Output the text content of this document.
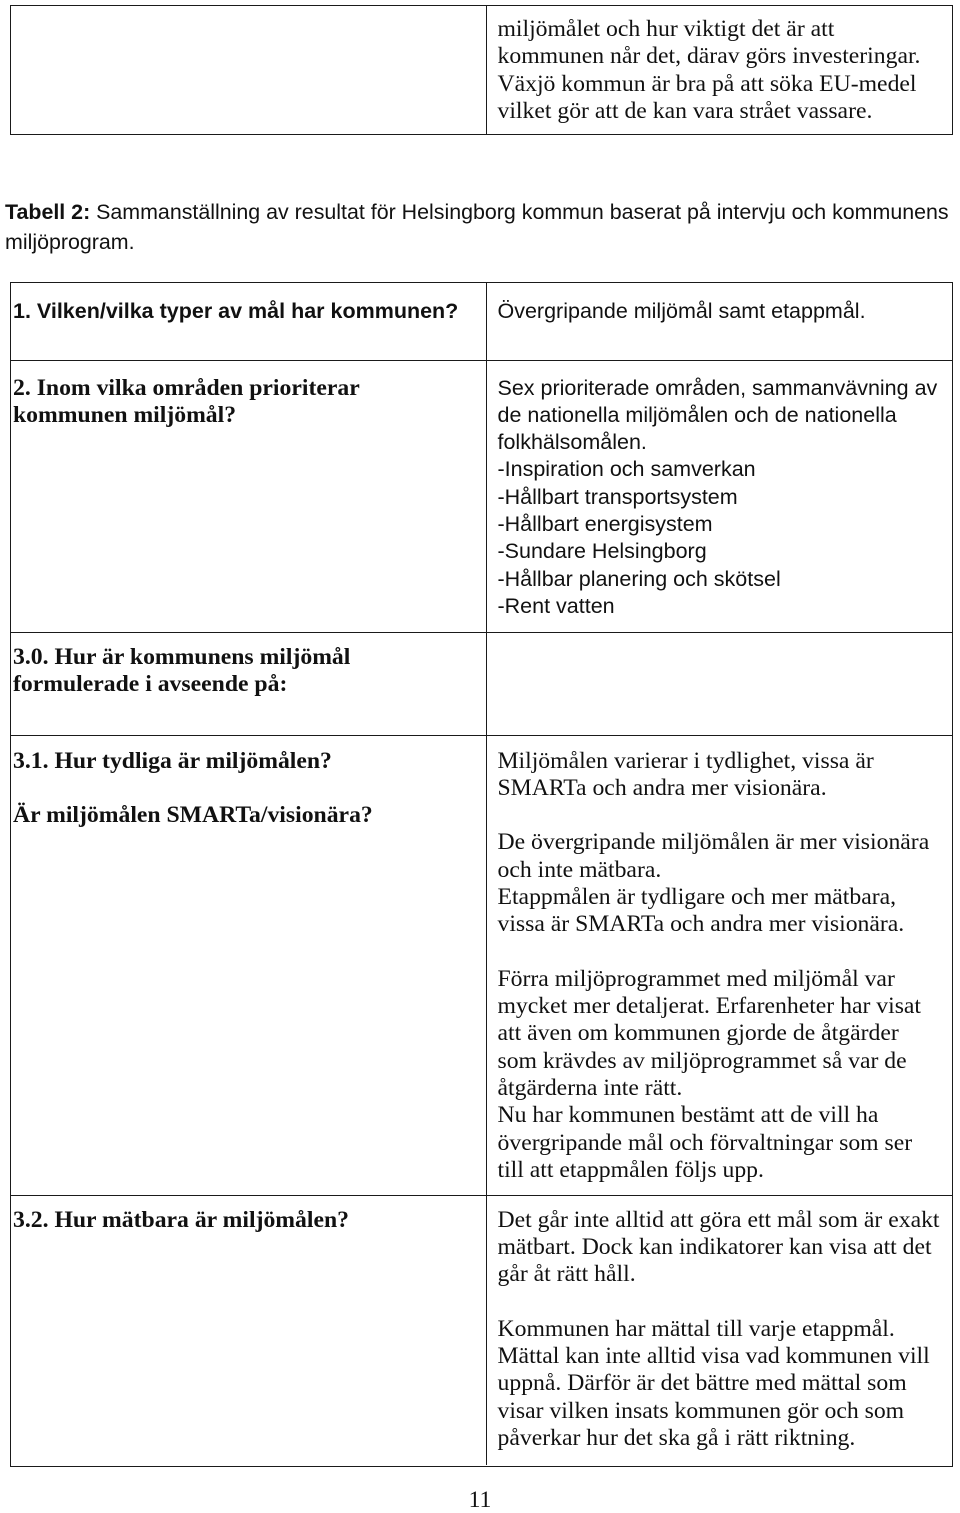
miljömålet och hur viktigt det är att
kommunen når det, därav görs investeringar.
Växjö kommun är bra på att söka EU-medel
vilket gör att de kan vara strået vassare.
Tabell 2: Sammanställning av resultat för Helsingborg kommun baserat på intervju och kommunens
miljöprogram.
1. Vilken/vilka typer av mål har kommunen?	Övergripande miljömål samt etappmål.
2. Inom vilka områden prioriterar
kommunen miljömål?
Sex prioriterade områden, sammanvävning av
de nationella miljömålen och de nationella
folkhälsomålen.
-Inspiration och samverkan
-Hållbart transportsystem
-Hållbart energisystem
-Sundare Helsingborg
-Hållbar planering och skötsel
-Rent vatten
3.0. Hur är kommunens miljömål
formulerade i avseende på:
3.1. Hur tydliga är miljömålen?
Är miljömålen SMARTa/visionära?
Miljömålen varierar i tydlighet, vissa är
SMARTa och andra mer visionära.
De övergripande miljömålen är mer visionära
och inte mätbara.
Etappmålen är tydligare och mer mätbara,
vissa är SMARTa och andra mer visionära.
Förra miljöprogrammet med miljömål var
mycket mer detaljerat. Erfarenheter har visat
att även om kommunen gjorde de åtgärder
som krävdes av miljöprogrammet så var de
åtgärderna inte rätt.
Nu har kommunen bestämt att de vill ha
övergripande mål och förvaltningar som ser
till att etappmålen följs upp.
3.2. Hur mätbara är miljömålen?	Det går inte alltid att göra ett mål som är exakt
mätbart. Dock kan indikatorer kan visa att det
går åt rätt håll.
Kommunen har mättal till varje etappmål.
Mättal kan inte alltid visa vad kommunen vill
uppnå. Därför är det bättre med mättal som
visar vilken insats kommunen gör och som
påverkar hur det ska gå i rätt riktning.
11
